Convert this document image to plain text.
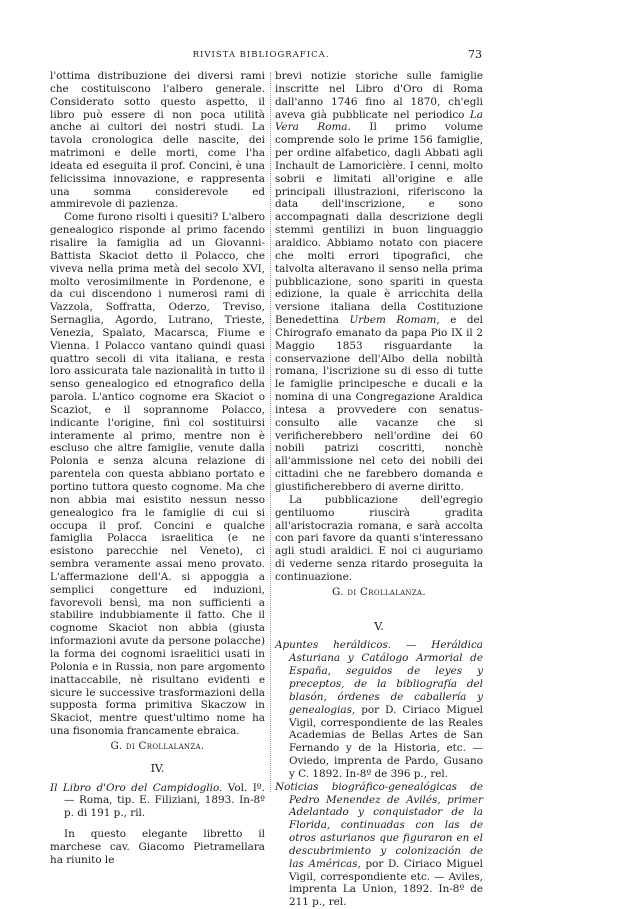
RIVISTA BIBLIOGRAFICA.	73

l'ottima distribuzione dei diversi rami che costituiscono l'albero generale. Considerato sotto questo aspetto, il libro può essere di non poca utilità anche ai cultori dei nostri studi. La tavola cronologica delle nascite, dei matrimoni e delle morti, come l'ha ideata ed eseguita il prof. Concini, è una felicissima innovazione, e rappresenta una somma considerevole ed ammirevole di pazienza.

Come furono risolti i quesiti? L'albero genealogico risponde al primo facendo risalire la famiglia ad un Giovanni-Battista Skaciot detto il Polacco, che viveva nella prima metà del secolo XVI, molto verosimilmente in Pordenone, e da cui discendono i numerosi rami di Vazzola, Soffratta, Oderzo, Treviso, Sernaglia, Agordo, Lutrano, Trieste, Venezia, Spalato, Macarsca, Fiume e Vienna. I Polacco vantano quindi quasi quattro secoli di vita italiana, e resta loro assicurata tale nazionalità in tutto il senso genealogico ed etnografico della parola. L'antico cognome era Skaciot o Scaziot, e il soprannome Polacco, indicante l'origine, finì col sostituirsi interamente al primo, mentre non è escluso che altre famiglie, venute dalla Polonia e senza alcuna relazione di parentela con questa abbiano portato e portino tuttora questo cognome. Ma che non abbia mai esistito nessun nesso genealogico fra le famiglie di cui si occupa il prof. Concini e qualche famiglia Polacca israelitica (e ne esistono parecchie nel Veneto), ci sembra veramente assai meno provato. L'affermazione dell'A. si appoggia a semplici congetture ed induzioni, favorevoli bensì, ma non sufficienti a stabilire indubbiamente il fatto. Che il cognome Skaciot non abbia (giusta informazioni avute da persone polacche) la forma dei cognomi israelitici usati in Polonia e in Russia, non pare argomento inattaccabile, nè risultano evidenti e sicure le successive trasformazioni della supposta forma primitiva Skaczow in Skaciot, mentre quest'ultimo nome ha una fisonomia francamente ebraica.

G. di Crollalanza.

IV.

Il Libro d'Oro del Campidoglio. Vol. Iº. — Roma, tip. E. Filiziani, 1893. In-8º p. di 191 p., ril.

In questo elegante libretto il marchese cav. Giacomo Pietramellara ha riunito le

brevi notizie storiche sulle famiglie inscritte nel Libro d'Oro di Roma dall'anno 1746 fino al 1870, ch'egli aveva già pubblicate nel periodico La Vera Roma. Il primo volume comprende solo le prime 156 famiglie, per ordine alfabetico, dagli Abbati agli Inchault de Lamoricière. I cenni, molto sobrii e limitati all'origine e alle principali illustrazioni, riferiscono la data dell'inscrizione, e sono accompagnati dalla descrizione degli stemmi gentilizi in buon linguaggio araldico. Abbiamo notato con piacere che molti errori tipografici, che talvolta alteravano il senso nella prima pubblicazione, sono spariti in questa edizione, la quale è arricchita della versione italiana della Costituzione Benedettina Urbem Romam, e del Chirografo emanato da papa Pio IX il 2 Maggio 1853 risguardante la conservazione dell'Albo della nobiltà romana, l'iscrizione su di esso di tutte le famiglie principesche e ducali e la nomina di una Congregazione Araldica intesa a provvedere con senatus-consulto alle vacanze che si verificherebbero nell'ordine dei 60 nobili patrizi coscritti, nonchè all'ammissione nel ceto dei nobili dei cittadini che ne farebbero domanda e giustificherebbero di averne diritto.

La pubblicazione dell'egregio gentiluomo riuscirà gradita all'aristocrazia romana, e sarà accolta con pari favore da quanti s'interessano agli studi araldici. E noi ci auguriamo di vederne senza ritardo proseguita la continuazione.

G. di Crollalanza.

V.

Apuntes heráldicos. — Heráldica Asturiana y Catálogo Armorial de España, seguidos de leyes y preceptos, de la bibliografía del blasón, órdenes de caballería y genealogias, por D. Ciriaco Miguel Vigil, correspondiente de las Reales Academias de Bellas Artes de San Fernando y de la Historia, etc. — Oviedo, imprenta de Pardo, Gusano y C. 1892. In-8º de 396 p., rel.

Noticias biográfico-genealógicas de Pedro Menendez de Avilés, primer Adelantado y conquistador de la Florida, continuadas con las de otros asturianos que figuraron en el descubrimiento y colonización de las Américas, por D. Ciriaco Miguel Vigil, correspondiente etc. — Aviles, imprenta La Union, 1892. In-8º de 211 p., rel.
